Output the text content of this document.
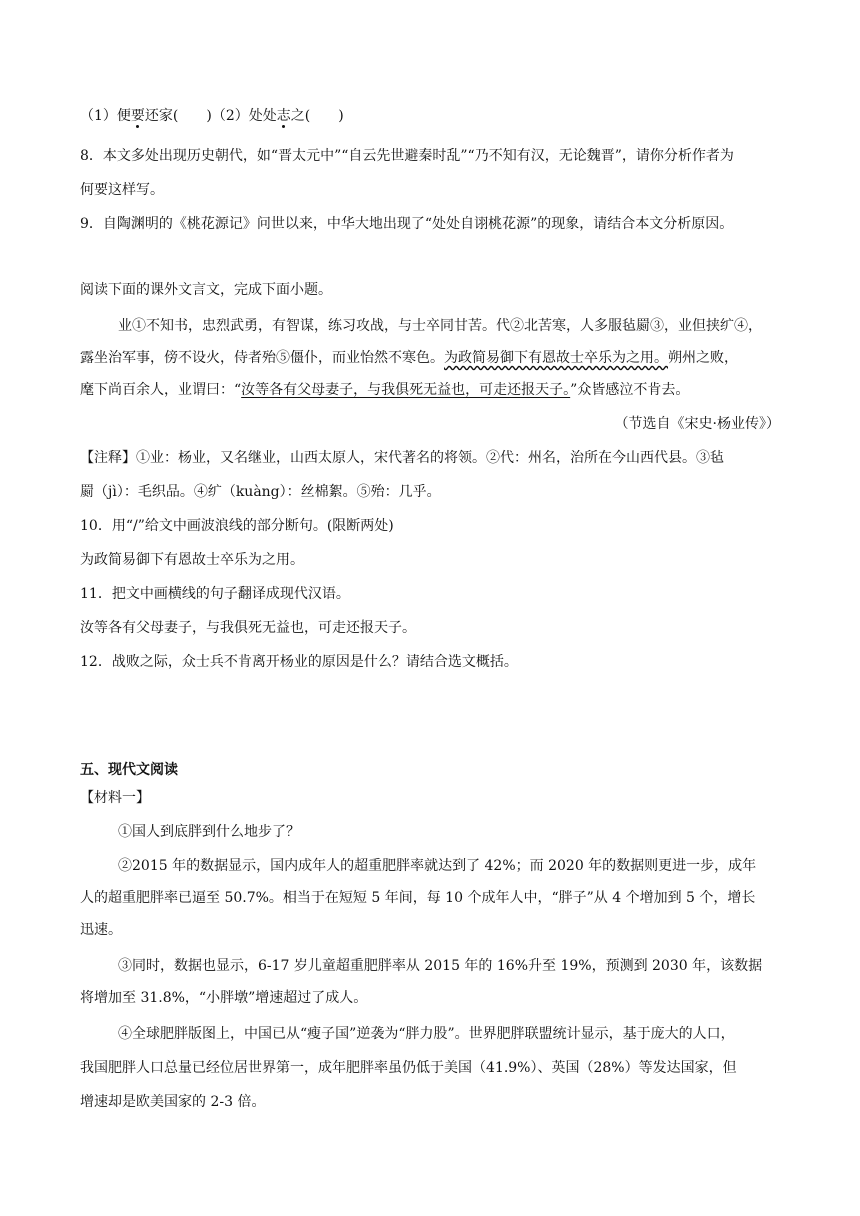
（1）便要还家(　　)（2）处处志之(　　)
8．本文多处出现历史朝代，如“晋太元中”“自云先世避秦时乱”“乃不知有汉，无论魏晋”，请你分析作者为
何要这样写。
9．自陶渊明的《桃花源记》问世以来，中华大地出现了“处处自诩桃花源”的现象，请结合本文分析原因。
阅读下面的课外文言文，完成下面小题。
业①不知书，忠烈武勇，有智谋，练习攻战，与士卒同甘苦。代②北苦寒，人多服毡罽③，业但挟纩④，
露坐治军事，傍不设火，侍者殆⑤僵仆，而业怡然不寒色。为政简易御下有恩故士卒乐为之用。朔州之败，
麾下尚百余人，业谓曰：“汝等各有父母妻子，与我俱死无益也，可走还报天子。”众皆感泣不肯去。
（节选自《宋史·杨业传》）
【注释】①业：杨业，又名继业，山西太原人，宋代著名的将领。②代：州名，治所在今山西代县。③毡
罽（jì）：毛织品。④纩（kuàng）：丝棉絮。⑤殆：几乎。
10．用“/”给文中画波浪线的部分断句。(限断两处)
为政简易御下有恩故士卒乐为之用。
11．把文中画横线的句子翻译成现代汉语。
汝等各有父母妻子，与我俱死无益也，可走还报天子。
12．战败之际，众士兵不肯离开杨业的原因是什么？请结合选文概括。
五、现代文阅读
【材料一】
①国人到底胖到什么地步了？
②2015 年的数据显示，国内成年人的超重肥胖率就达到了 42%；而 2020 年的数据则更进一步，成年
人的超重肥胖率已逼至 50.7%。相当于在短短 5 年间，每 10 个成年人中，“胖子”从 4 个增加到 5 个，增长
迅速。
③同时，数据也显示，6-17 岁儿童超重肥胖率从 2015 年的 16%升至 19%，预测到 2030 年，该数据
将增加至 31.8%，“小胖墩”增速超过了成人。
④全球肥胖版图上，中国已从“瘦子国”逆袭为“胖力股”。世界肥胖联盟统计显示，基于庞大的人口，
我国肥胖人口总量已经位居世界第一，成年肥胖率虽仍低于美国（41.9%）、英国（28%）等发达国家，但
增速却是欧美国家的 2-3 倍。
